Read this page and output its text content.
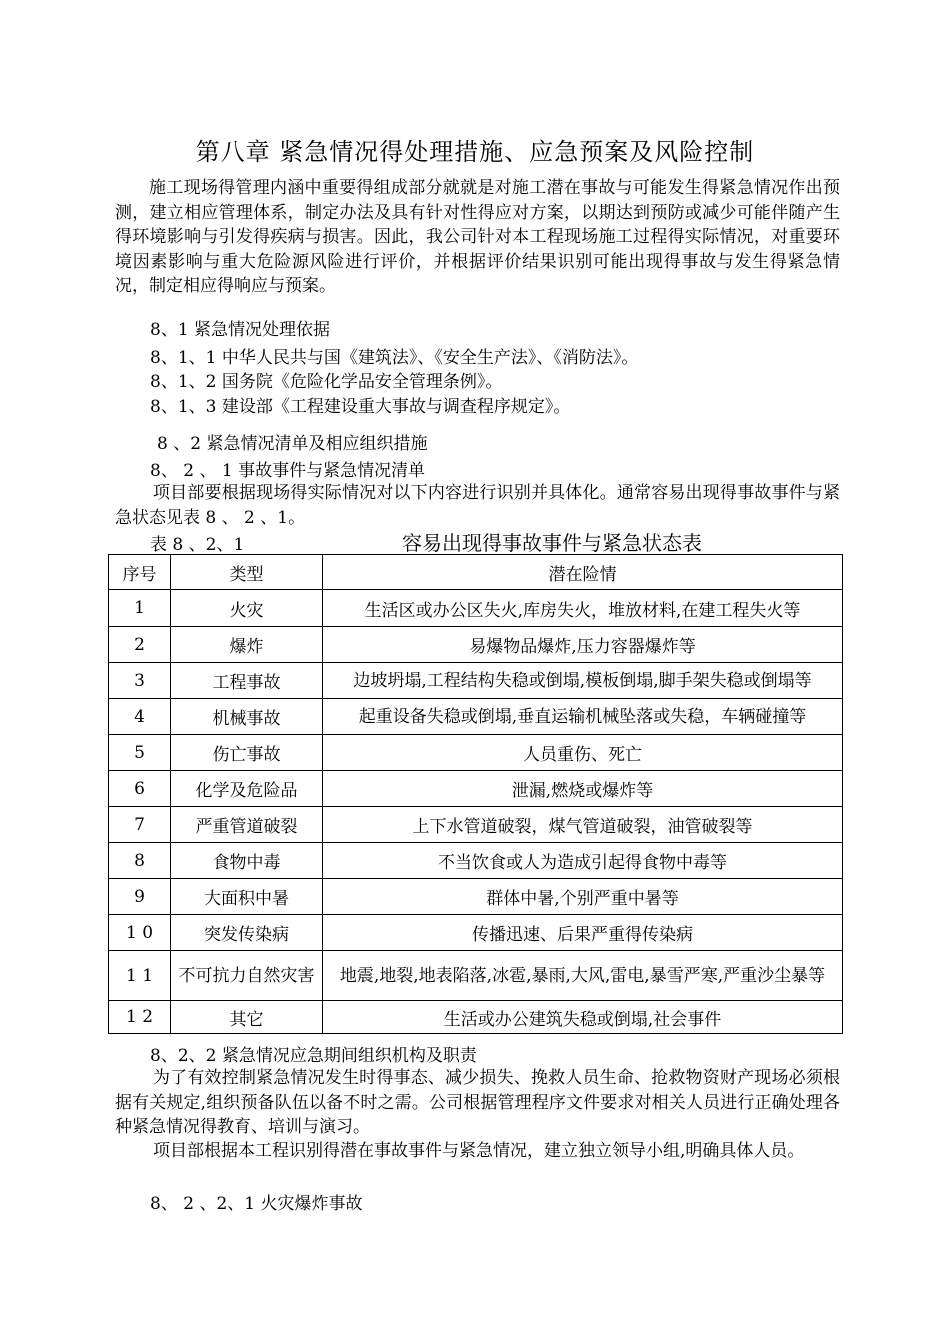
第八章 紧急情况得处理措施、应急预案及风险控制
施工现场得管理内涵中重要得组成部分就就是对施工潜在事故与可能发生得紧急情况作出预测，建立相应管理体系，制定办法及具有针对性得应对方案，以期达到预防或减少可能伴随产生得环境影响与引发得疾病与损害。因此，我公司针对本工程现场施工过程得实际情况，对重要环境因素影响与重大危险源风险进行评价，并根据评价结果识别可能出现得事故与发生得紧急情况，制定相应得响应与预案。
8、1 紧急情况处理依据
8、1、1 中华人民共与国《建筑法》、《安全生产法》、《消防法》。
8、1、2 国务院《危险化学品安全管理条例》。
8、1、3 建设部《工程建设重大事故与调查程序规定》。
8 、2 紧急情况清单及相应组织措施
8、 2 、 1 事故事件与紧急情况清单
项目部要根据现场得实际情况对以下内容进行识别并具体化。通常容易出现得事故事件与紧急状态见表 8 、 2 、1。
表 8 、2、1	容易出现得事故事件与紧急状态表
序号	类型	潜在险情
1	火灾	生活区或办公区失火,库房失火，堆放材料,在建工程失火等
2	爆炸	易爆物品爆炸,压力容器爆炸等
3	工程事故	边坡坍塌,工程结构失稳或倒塌,模板倒塌,脚手架失稳或倒塌等

4	机械事故	起重设备失稳或倒塌,垂直运输机械坠落或失稳，车辆碰撞等

5	伤亡事故	人员重伤、死亡
6	化学及危险品	泄漏,燃烧或爆炸等
7	严重管道破裂	上下水管道破裂，煤气管道破裂，油管破裂等
8	食物中毒	不当饮食或人为造成引起得食物中毒等
9	大面积中暑	群体中暑,个别严重中暑等
1 0	突发传染病	传播迅速、后果严重得传染病
1 1	不可抗力自然灾害	地震,地裂,地表陷落,冰雹,暴雨,大风,雷电,暴雪严寒,严重沙尘暴等

1 2	其它	生活或办公建筑失稳或倒塌,社会事件
8、2、2 紧急情况应急期间组织机构及职责
为了有效控制紧急情况发生时得事态、减少损失、挽救人员生命、抢救物资财产现场必须根据有关规定,组织预备队伍以备不时之需。公司根据管理程序文件要求对相关人员进行正确处理各种紧急情况得教育、培训与演习。
项目部根据本工程识别得潜在事故事件与紧急情况，建立独立领导小组,明确具体人员。
8、 2 、2、1 火灾爆炸事故
